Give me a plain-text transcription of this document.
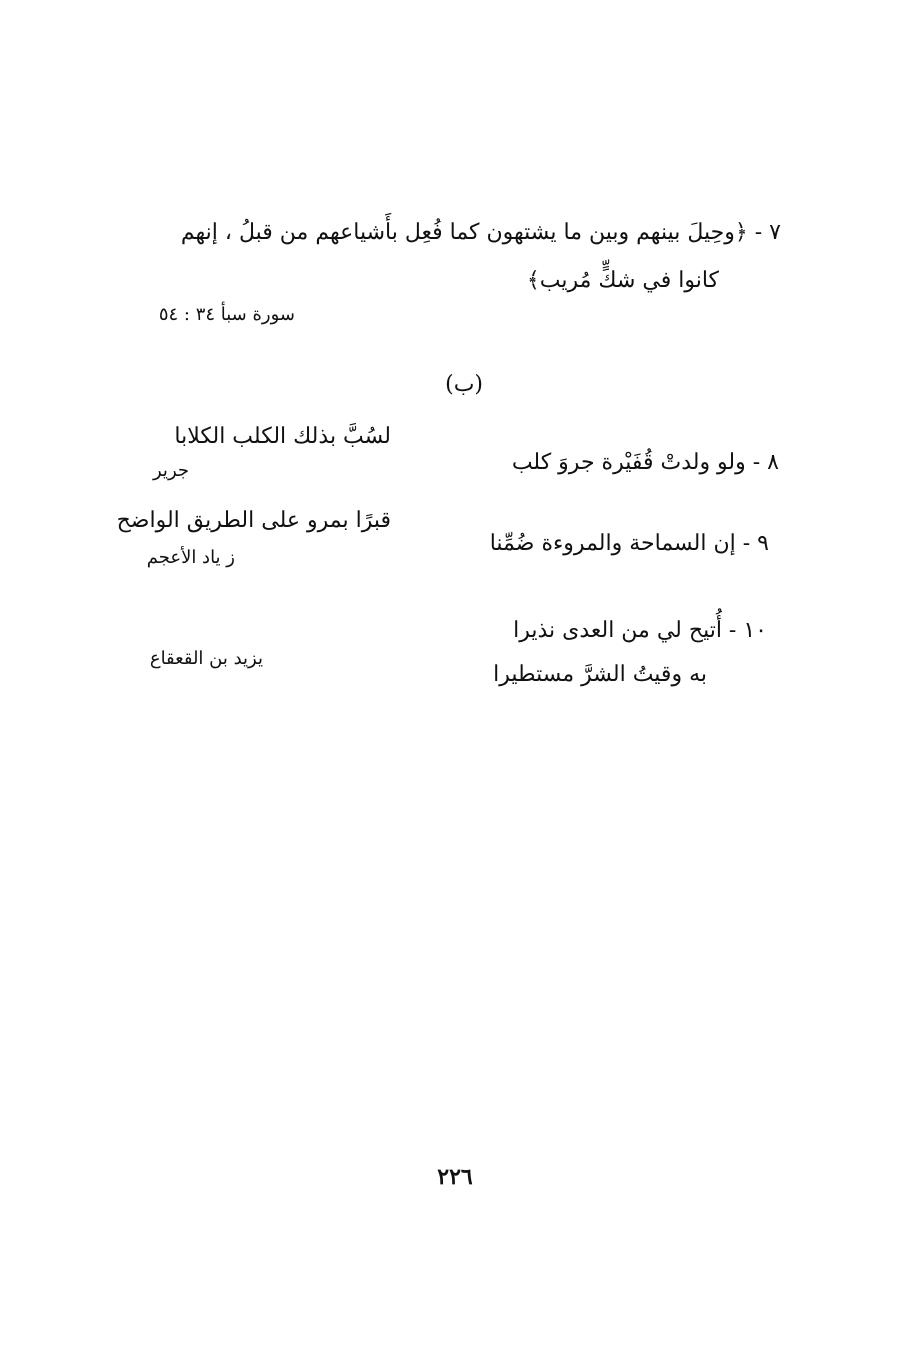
٧ - ﴿وحِيلَ بينهم وبين ما يشتهون كما فُعِل بأَشياعهم من قبلُ ، إنهم
كانوا في شكٍّ مُريب﴾
سورة سبأ ٣٤ : ٥٤
(ب)
٨ - ولو ولدتْ قُفَيْرة جروَ كلب
لسُبَّ بذلك الكلب الكلابا
جرير
٩ - إن السماحة والمروءة ضُمِّنا
قبرًا بمرو على الطريق الواضح
ز ياد الأعجم
١٠ - أُتيح لي من العدى نذيرا
به وقيتُ الشرَّ مستطيرا
يزيد بن القعقاع
٢٢٦
